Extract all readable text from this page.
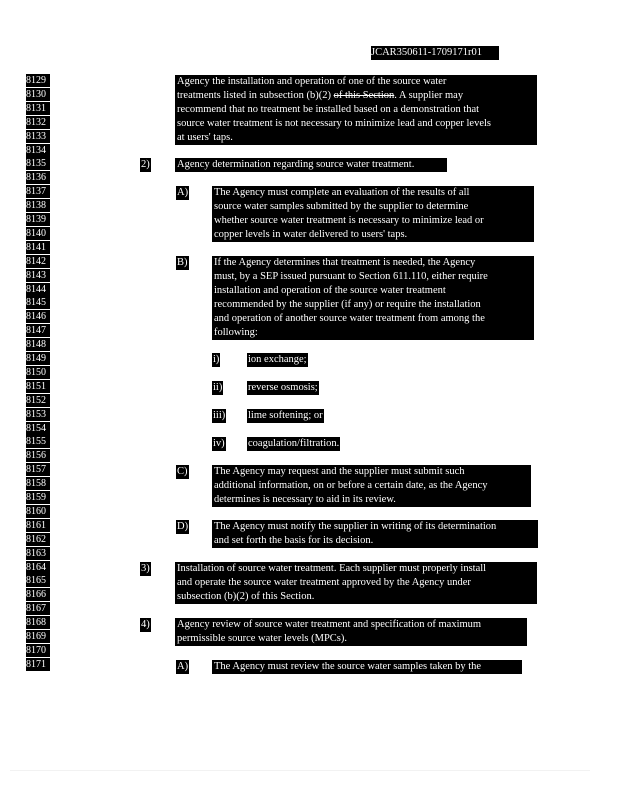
JCAR350611-1709171r01
8129
8130
8131
8132
8133
8134
8135
8136
8137
8138
8139
8140
8141
8142
8143
8144
8145
8146
8147
8148
8149
8150
8151
8152
8153
8154
8155
8156
8157
8158
8159
8160
8161
8162
8163
8164
8165
8166
8167
8168
8169
8170
8171
Agency the installation and operation of one of the source water
treatments listed in subsection (b)(2) of this Section. A supplier may
recommend that no treatment be installed based on a demonstration that
source water treatment is not necessary to minimize lead and copper levels
at users' taps.
2)	Agency determination regarding source water treatment.
A) The Agency must complete an evaluation of the results of all
source water samples submitted by the supplier to determine
whether source water treatment is necessary to minimize lead or
copper levels in water delivered to users' taps.
B)	If the Agency determines that treatment is needed, the Agency
must, by a SEP issued pursuant to Section 611.110, either require
installation and operation of the source water treatment
recommended by the supplier (if any) or require the installation
and operation of another source water treatment from among the
following:
i)	ion exchange;
ii) reverse osmosis;
iii) lime softening; or
iv) coagulation/filtration.
C)	The Agency may request and the supplier must submit such
additional information, on or before a certain date, as the Agency
determines is necessary to aid in its review.
D) The Agency must notify the supplier in writing of its determination
and set forth the basis for its decision.
3)	Installation of source water treatment. Each supplier must properly install
and operate the source water treatment approved by the Agency under
subsection (b)(2) of this Section.
4)	Agency review of source water treatment and specification of maximum
permissible source water levels (MPCs).
A) The Agency must review the source water samples taken by the
